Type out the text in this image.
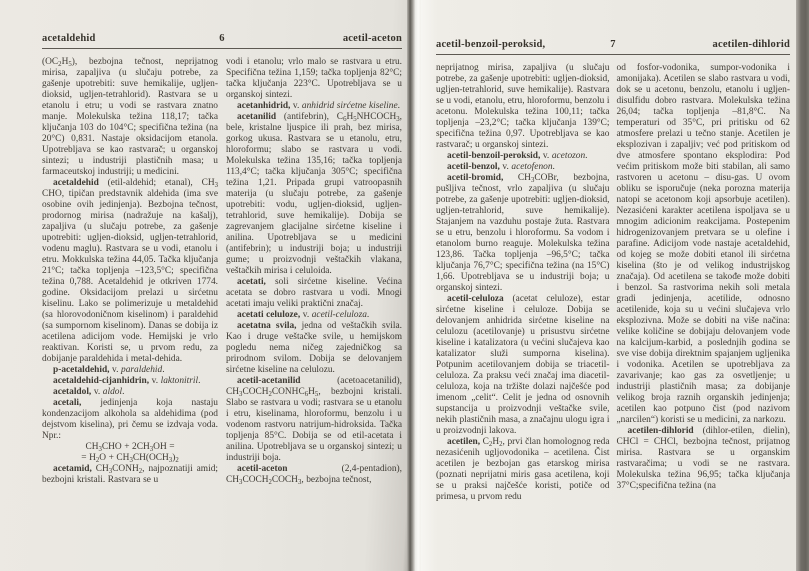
acetaldehid	6	acetil-aceton

$(OC_2H_5)$, bezbojna tečnost, neprijatnog mirisa, zapaljiva (u slučaju potrebe, za gašenje upotrebiti: suve hemikalije, ugljen-dioksid, ugljen-tetrahlorid). Rastvara se u etanolu i etru; u vodi se rastvara znatno manje. Molekulska težina 118,17; tačka ključanja 103 do 104°C; specifična težina (na 20°C) 0,831. Nastaje oksidacijom etanola. Upotrebljava se kao rastvarač; u organskoj sintezi; u industriji plastičnih masa; u farmaceutskoj industriji; u medicini.

acetaldehid (etil-aldehid; etanal), $CH_3$ CHO, tipičan predstavnik aldehida (ima sve osobine ovih jedinjenja). Bezbojna tečnost, prodornog mirisa (nadražuje na kašalj), zapaljiva (u slučaju potrebe, za gašenje upotrebiti: ugljen-dioksid, ugljen-tetrahlorid, vodenu maglu). Rastvara se u vodi, etanolu i etru. Mokkulska težina 44,05. Tačka ključanja 21°C; tačka topljenja –123,5°C; specifična težina 0,788. Acetaldehid je otkriven 1774. godine. Oksidacijom prelazi u sirćetnu kiselinu. Lako se polimerizuje u metaldehid (sa hlorovodoničnom kiselinom) i paraldehid (sa sumpornom kiselinom). Danas se dobija iz acetilena adicijom vode. Hemijski je vrlo reaktivan. Koristi se, u prvom redu, za dobijanje paraldehida i metal-dehida.

p-acetaldehid, v. paraldehid.

acetaldehid-cijanhidrin, v. laktonitril.

acetaldol, v. aldol.

acetali, jedinjenja koja nastaju kondenzacijom alkohola sa aldehidima (pod dejstvom kiselina), pri čemu se izdvaja voda. Npr.:

$CH_3CHO + 2CH_3OH$ =

= $H_2O + CH_3CH(OCH_3)_2$

acetamid, $CH_3CONH_2$, najpoznatiji amid; bezbojni kristali. Rastvara se u

vodi i etanolu; vrlo malo se rastvara u etru. Specifična težina 1,159; tačka topljenja 82°C; tačka ključanja 223°C. Upotrebljava se u organskoj sintezi.

acetanhidrid, v. anhidrid sirćetne kiseline.

acetanilid (antifebrin), $C_6H_5NHCOCH_3$, bele, kristalne ljuspice ili prah, bez mirisa, gorkog ukusa. Rastvara se u etanolu, etru, hloroformu; slabo se rastvara u vodi. Molekulska težina 135,16; tačka topljenja 113,4°C; tačka ključanja 305°C; specifična težina 1,21. Pripada grupi vatroopasnih materija (u slučaju potrebe, za gašenje upotrebiti: vodu, ugljen-dioksid, ugljen-tetrahlorid, suve hemikalije). Dobija se zagrevanjem glacijalne sirćetne kiseline i anilina. Upotrebljava se u medicini (antifebrin); u industriji boja; u industriji gume; u proizvodnji veštačkih vlakana, veštačkih mirisa i celuloida.

acetati, soli sirćetne kiseline. Većina acetata se dobro rastvara u vodi. Mnogi acetati imaju veliki praktični značaj.

acetati celuloze, v. acetil-celuloza.

acetatna svila, jedna od veštačkih svila. Kao i druge veštačke svile, u hemijskom pogledu nema ničeg zajedničkog sa prirodnom svilom. Dobija se delovanjem sirćetne kiseline na celulozu.

acetil-acetanilid (acetoacetanilid), $CH_3COCH_2CONHC_6H_5$, bezbojni kristali. Slabo se rastvara u vodi; rastvara se u etanolu i etru, kiselinama, hloroformu, benzolu i u vodenom rastvoru natrijum-hidroksida. Tačka topljenja 85°C. Dobija se od etil-acetata i anilina. Upotrebljava se u organskoj sintezi; u industriji boja.

acetil-aceton (2,4-pentadion), $CH_3COCH_2COCH_3$, bezbojna tečnost,

acetil-benzoil-peroksid,	7	acetilen-dihlorid

neprijatnog mirisa, zapaljiva (u slučaju potrebe, za gašenje upotrebiti: ugljen-dioksid, ugljen-tetrahlorid, suve hemikalije). Rastvara se u vodi, etanolu, etru, hloroformu, benzolu i acetonu. Molekulska težina 100,11; tačka topljenja –23,2°C; tačka ključanja 139°C; specifična težina 0,97. Upotrebljava se kao rastvarač; u organskoj sintezi.

acetil-benzoil-peroksid, v. acetozon.

acetil-benzol, v. acetofenon.

acetil-bromid, $CH_3COBr$, bezbojna, pušljiva tečnost, vrlo zapaljiva (u slučaju potrebe, za gašenje upotrebiti: ugljen-dioksid, ugljen-tetrahlorid, suve hemikalije). Stajanjem na vazduhu postaje žuta. Rastvara se u etru, benzolu i hloroformu. Sa vodom i etanolom burno reaguje. Molekulska težina 123,86. Tačka topljenja –96,5°C; tačka ključanja 76,7°C; specifična težina (na 15°C) 1,66. Upotrebljava se u industriji boja; u organskoj sintezi.

acetil-celuloza (acetat celuloze), estar sirćetne kiseline i celuloze. Dobija se delovanjem anhidrida sirćetne kiseline na celulozu (acetilovanje) u prisustvu sirćetne kiseline i katalizatora (u većini slučajeva kao katalizator služi sumporna kiselina). Potpunim acetilovanjem dobija se triacetil-celuloza. Za praksu veći značaj ima diacetil-celuloza, koja na tržište dolazi najčešće pod imenom „celit“. Celit je jedna od osnovnih supstancija u proizvodnji veštačke svile, nekih plastičnih masa, a značajnu ulogu igra i u proizvodnji lakova.

acetilen, $C_2H_2$, prvi član homolognog reda nezasićenih ugljovodonika – acetilena. Čist acetilen je bezbojan gas etarskog mirisa (poznati neprijatni miris gasa acetilena, koji se u praksi najčešće koristi, potiče od primesa, u prvom redu

od fosfor-vodonika, sumpor-vodonika i amonijaka). Acetilen se slabo rastvara u vodi, dok se u acetonu, benzolu, etanolu i ugljen-disulfidu dobro rastvara. Molekulska težina 26,04; tačka topljenja –81,8°C. Na temperaturi od 35°C, pri pritisku od 62 atmosfere prelazi u tečno stanje. Acetilen je eksplozivan i zapaljiv; već pod pritiskom od dve atmosfere spontano eksplodira: Pod većim pritiskom može biti stabilan, ali samo rastvoren u acetonu – disu-gas. U ovom obliku se isporučuje (neka porozna materija natopi se acetonom koji apsorbuje acetilen). Nezasićeni karakter acetilena ispoljava se u mnogim adicionim reakcijama. Postepenim hidrogenizovanjem pretvara se u olefine i parafine. Adicijom vode nastaje acetaldehid, od kojeg se može dobiti etanol ili sirćetna kiselina (što je od velikog industrijskog značaja). Od acetilena se takođe može dobiti i benzol. Sa rastvorima nekih soli metala gradi jedinjenja, acetilide, odnosno acetilenide, koja su u većini slučajeva vrlo eksplozivna. Može se dobiti na više načina: velike količine se dobijaju delovanjem vode na kalcijum-karbid, a poslednjih godina se sve vise dobija direktnim spajanjem ugljenika i vodonika. Acetilen se upotrebljava za zavarivanje; kao gas za osvetljenje; u industriji plastičnih masa; za dobijanje velikog broja raznih organskih jedinjenja; acetilen kao potpuno čist (pod nazivom „narcilen“) koristi se u medicini, za narkozu.

acetilen-dihlorid (dihlor-etilen, dielin), CHCl = CHCl, bezbojna tečnost, prijatnog mirisa. Rastvara se u organskim rastvaračima; u vodi se ne rastvara. Molekulska težina 96,95; tačka ključanja 37°C;specifična težina (na
